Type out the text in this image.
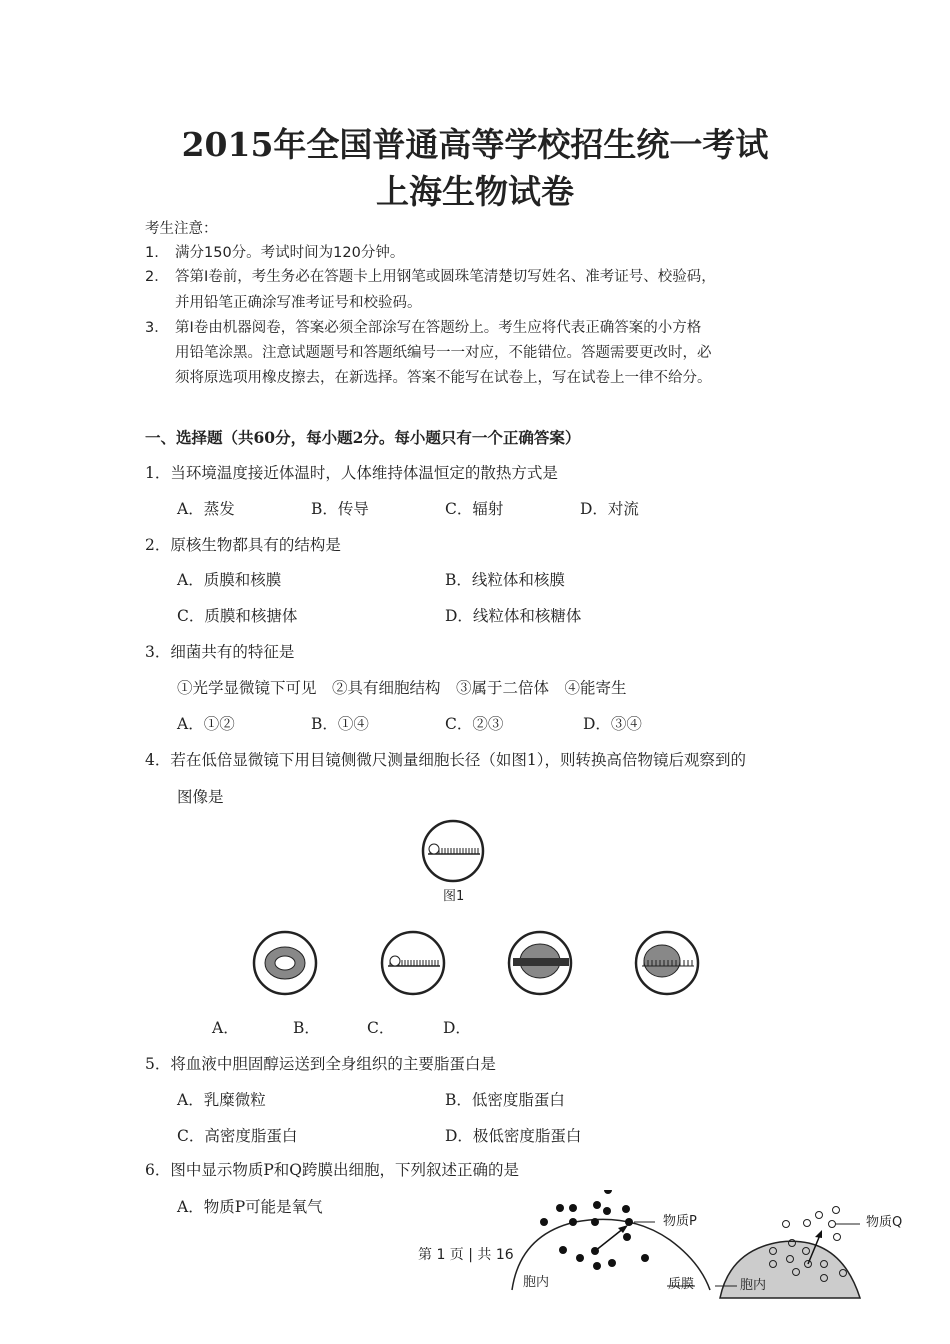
2015年全国普通高等学校招生统一考试
上海生物试卷
考生注意：
1. 满分150分。考试时间为120分钟。
2． 答第Ⅰ卷前，考生务必在答题卡上用钢笔或圆珠笔清楚切写姓名、准考证号、校验码，
并用铅笔正确涂写准考证号和校验码。
3． 第Ⅰ卷由机器阅卷，答案必须全部涂写在答题纷上。考生应将代表正确答案的小方格
用铅笔涂黑。注意试题题号和答题纸编号一一对应，不能错位。答题需要更改时，必
须将原选项用橡皮擦去，在新选择。答案不能写在试卷上，写在试卷上一律不给分。
一、选择题（共60分，每小题2分。每小题只有一个正确答案）
1．当环境温度接近体温时，人体维持体温恒定的散热方式是
A．蒸发	B．传导	C．辐射	D．对流
2．原核生物都具有的结构是
A．质膜和核膜	B．线粒体和核膜
C．质膜和核搪体	D．线粒体和核糖体
3．细菌共有的特征是
①光学显微镜下可见　②具有细胞结构　③属于二倍体　④能寄生
A．①②	B．①④	C．②③	D．③④
4．若在低倍显微镜下用目镜侧微尺测量细胞长径（如图1），则转换高倍物镜后观察到的
图像是
图1
A．	B．	C．	D．
5．将血液中胆固醇运送到全身组织的主要脂蛋白是
A．乳糜微粒	B．低密度脂蛋白
C．高密度脂蛋白	D．极低密度脂蛋白
6．图中显示物质P和Q跨膜出细胞，下列叙述正确的是
A．物质P可能是氧气
物质P	物质Q
质膜
胞内	胞内
第 1 页 | 共 16
